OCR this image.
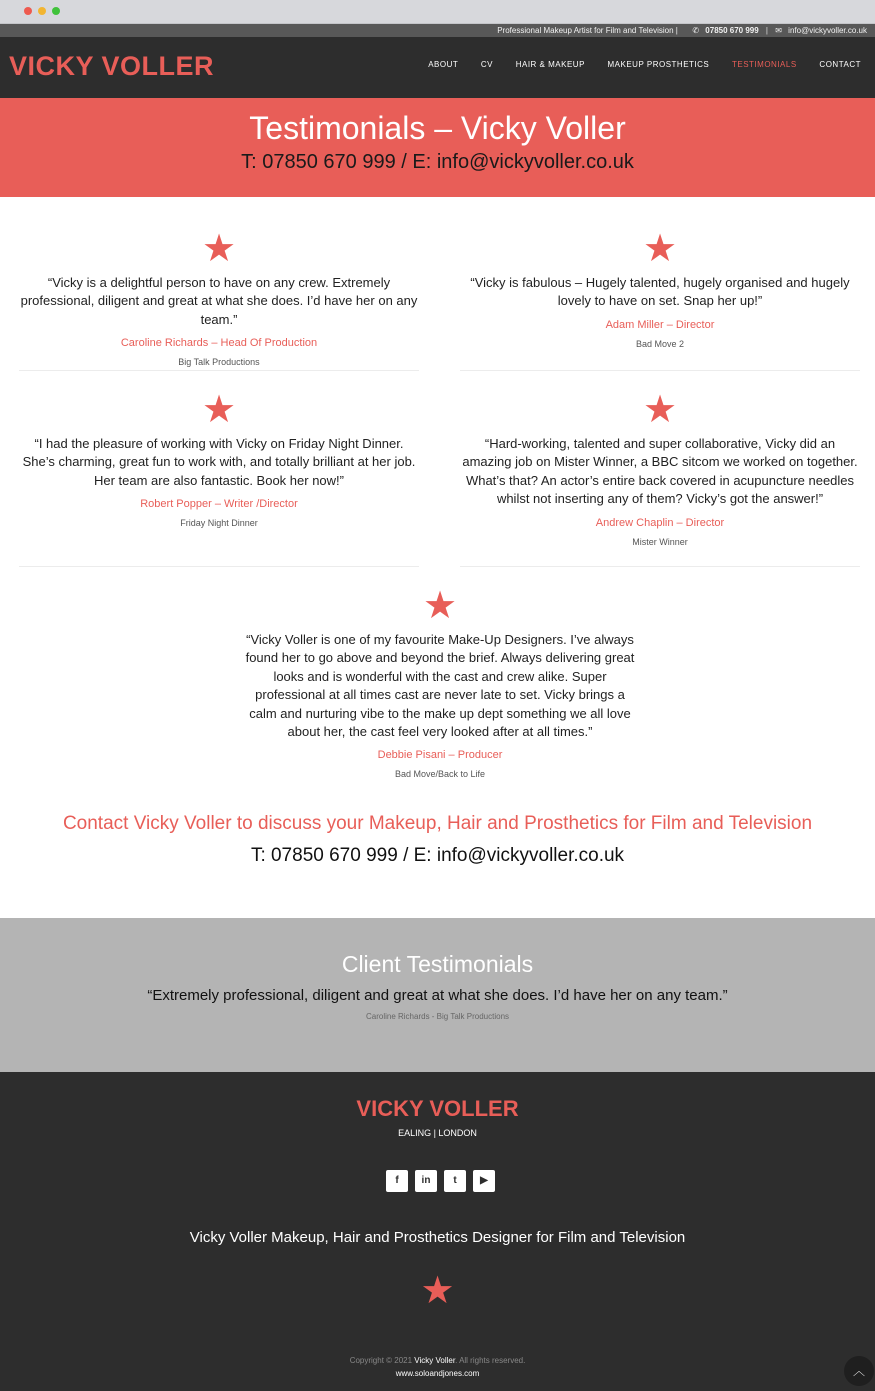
Professional Makeup Artist for Film and Television | ✆ 07850 670 999 | ✉ info@vickyvoller.co.uk
VICKY VOLLER	ABOUT	CV	HAIR & MAKEUP	MAKEUP PROSTHETICS	TESTIMONIALS	CONTACT
Testimonials – Vicky Voller

T: 07850 670 999 / E: info@vickyvoller.co.uk

★

“Vicky is a delightful person to have on any crew. Extremely professional, diligent and great at what she does. I’d have her on any team.”

Caroline Richards – Head Of Production

Big Talk Productions

★

“Vicky is fabulous – Hugely talented, hugely organised and hugely lovely to have on set. Snap her up!”

Adam Miller – Director

Bad Move 2

★

“I had the pleasure of working with Vicky on Friday Night Dinner. She’s charming, great fun to work with, and totally brilliant at her job. Her team are also fantastic. Book her now!”

Robert Popper – Writer /Director

Friday Night Dinner

★

“Hard-working, talented and super collaborative, Vicky did an amazing job on Mister Winner, a BBC sitcom we worked on together. What’s that? An actor’s entire back covered in acupuncture needles whilst not inserting any of them? Vicky’s got the answer!”

Andrew Chaplin – Director

Mister Winner

★

“Vicky Voller is one of my favourite Make-Up Designers. I’ve always found her to go above and beyond the brief. Always delivering great looks and is wonderful with the cast and crew alike. Super professional at all times cast are never late to set. Vicky brings a calm and nurturing vibe to the make up dept something we all love about her, the cast feel very looked after at all times.”

Debbie Pisani – Producer

Bad Move/Back to Life

Contact Vicky Voller to discuss your Makeup, Hair and Prosthetics for Film and Television
T: 07850 670 999 / E: info@vickyvoller.co.uk
Client Testimonials

“Extremely professional, diligent and great at what she does. I’d have her on any team.”

Caroline Richards - Big Talk Productions

VICKY VOLLER
EALING | LONDON
f	in	t	▶
Vicky Voller Makeup, Hair and Prosthetics Designer for Film and Television
★
Copyright © 2021 Vicky Voller. All rights reserved.
www.soloandjones.com	︿
